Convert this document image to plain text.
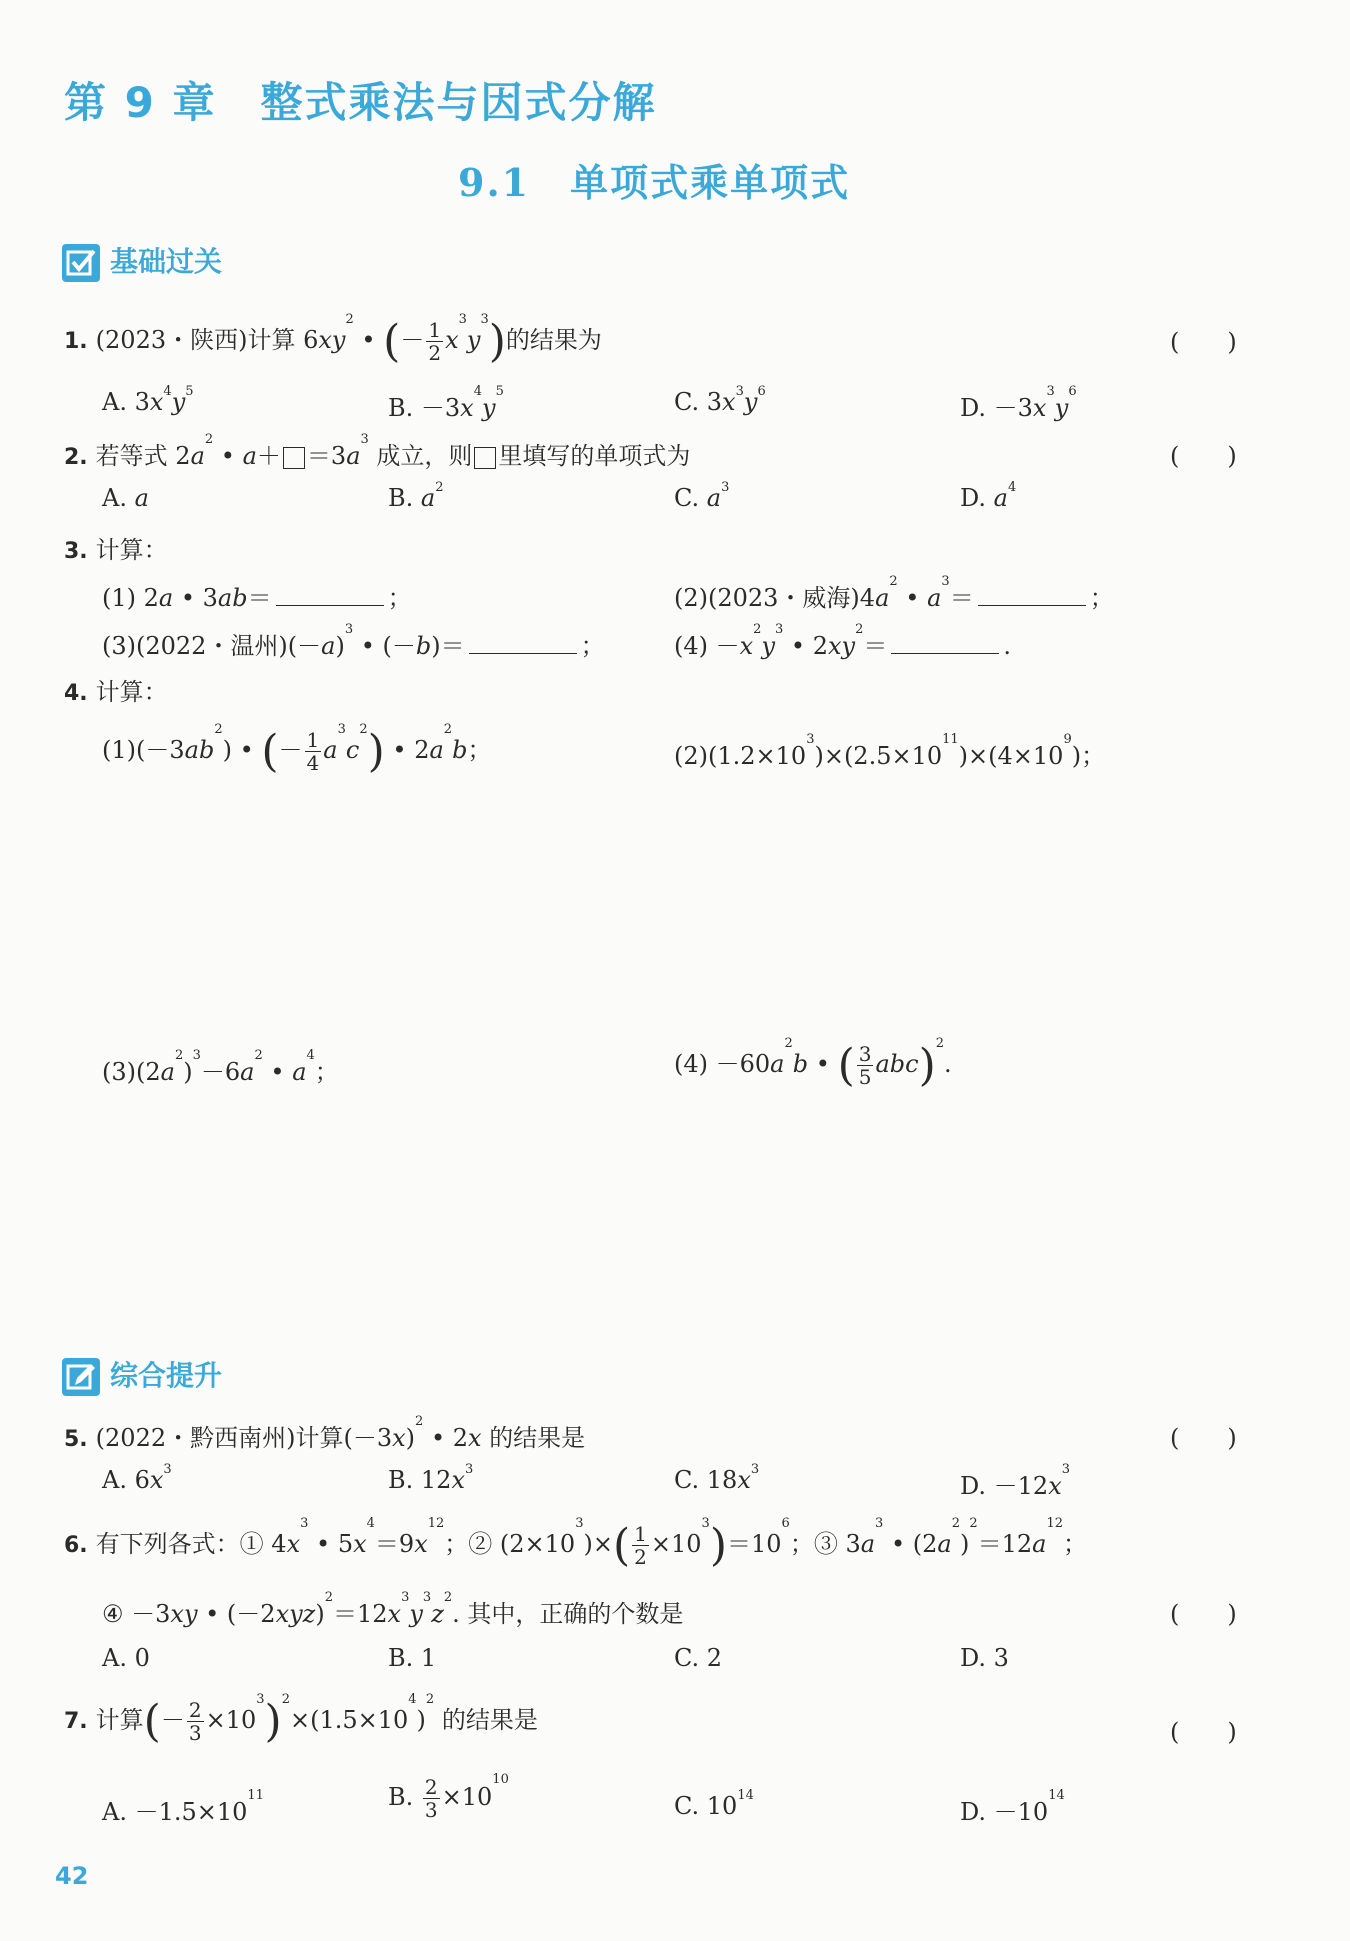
第 9 章　整式乘法与因式分解
9.1　单项式乘单项式
基础过关
1. (2023・陕西)计算 $6xy^2$ • (－ $\frac{1}{2} x^3y^3$)的结果为	(　　)
A. $3x^4y^5$
B. $-3x^4y^5$	C. $3x^3y^6$
D. $-3x^3y^6$
2. 若等式 $2a^2$ • $a+ =3a^3$ 成立，则 里填写的单项式为	(　　)
A. a	B. $a^2$	C. $a^3$	D. $a^4$
3. 计算：
(1) 2a • 3ab＝	；	(2)(2023・威海)$4a^2$ • $a^3=$	；
(3)(2022・温州)$(-a)^3$ • (－b)＝	；	$(4) -x^2y^3$ • $2xy^2=$	.
4. 计算：
$(1)(-3ab^2)$ • (－ $\frac{1}{4} a^3c^2$) • $2a^2b$；	$(2)(1.2\times 10^3)\times(2.5\times 10^{11})\times(4\times 10^9)$；
$(3)(2a^2)^3-6a^2$ • $a^4$；	$(4) -60a^2b$ • ( $\frac{3}{5} abc)^2$.
综合提升
5. (2022・黔西南州)计算$(-3x)^2$ • 2x 的结果是	(　　)
A. $6x^3$	B. $12x^3$	C. $18x^3$
D. $-12x^3$
6. 有下列各式：① $4x^3$ • $5x^4=9x^{12}$；② $(2\times 10^3)\times( \frac{1}{2} \times 10^3)=10^6$；③ $3a^3$ • $(2a^2)^2=12a^{12}$；
④ －3xy • $(-2xyz)^2=12x^3y^3z^2$. 其中，正确的个数是	(　　)
A. 0	B. 1	C. 2	D. 3
7. 计算(－ $\frac{2}{3} \times 10^3)^2\times(1.5\times 10^4)^2$ 的结果是	(　　)
A. $-1.5\times 10^{11}$	B. $\frac{2}{3} \times 10^{10}$
C. $10^{14}$
D. $-10^{14}$
42
